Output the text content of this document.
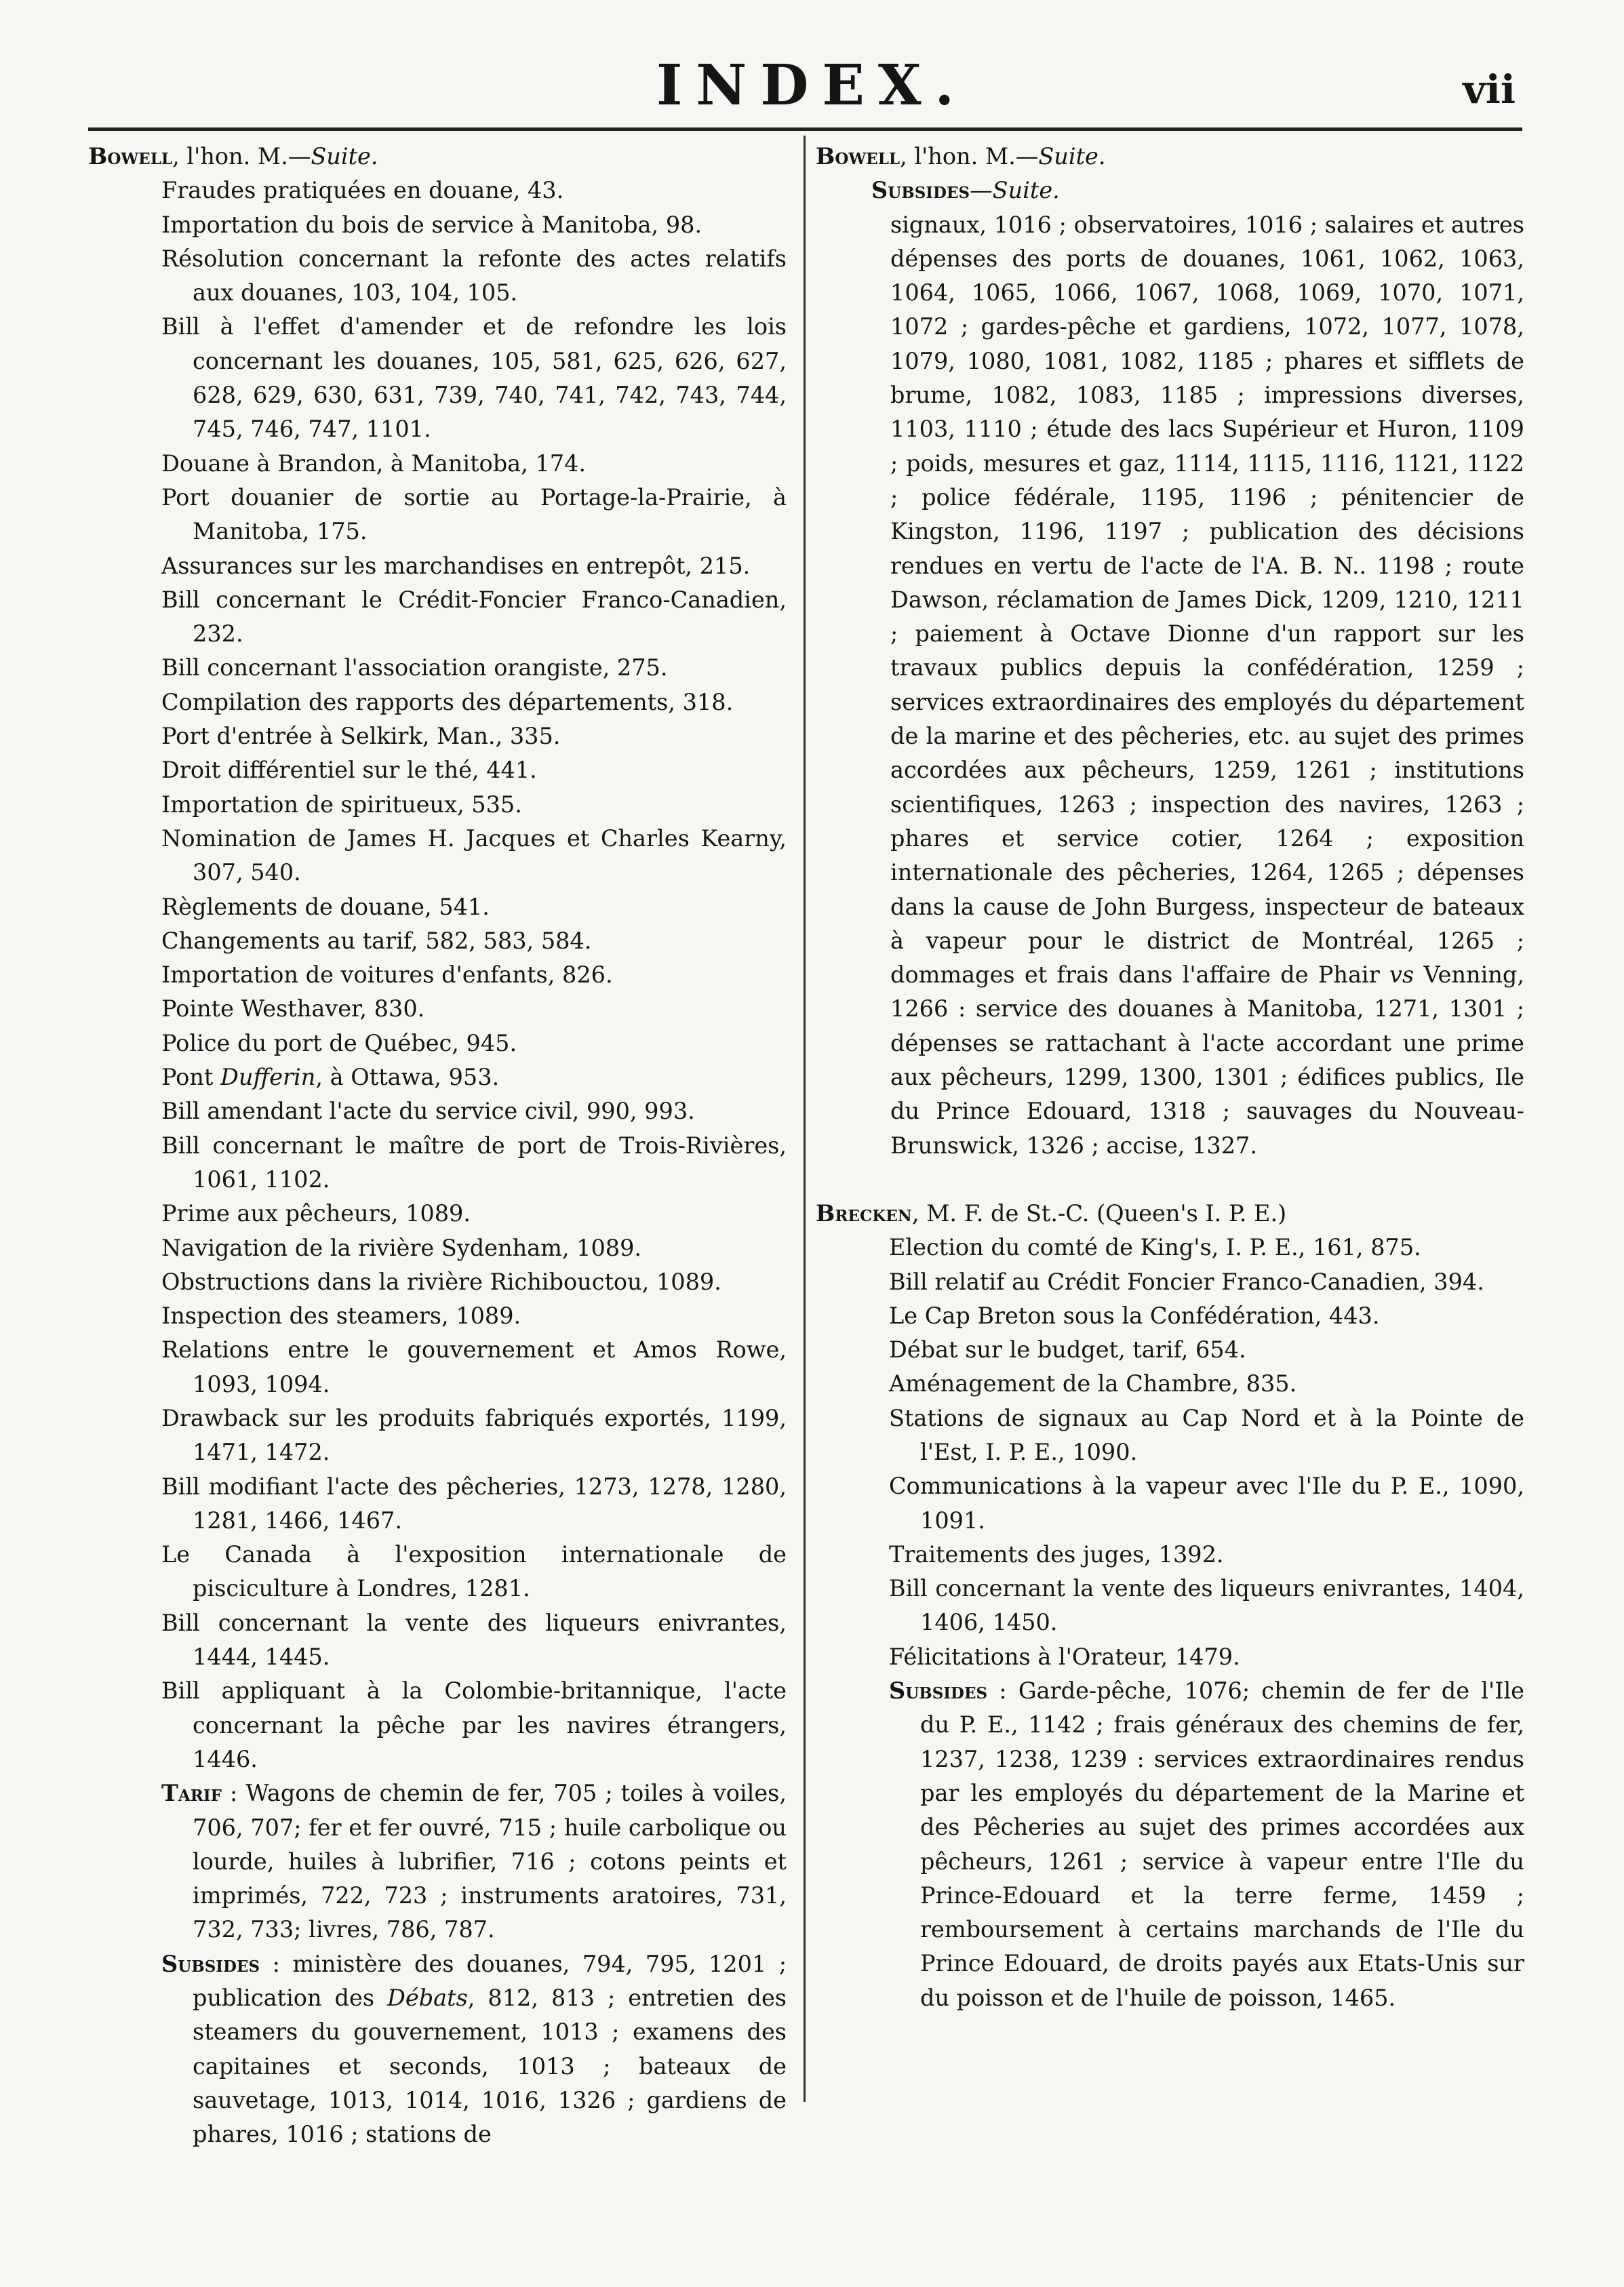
INDEX.	vii
Bowell, l'hon. M.—Suite.
Fraudes pratiquées en douane, 43.
Importation du bois de service à Manitoba, 98.
Résolution concernant la refonte des actes relatifs aux douanes, 103, 104, 105.
Bill à l'effet d'amender et de refondre les lois concernant les douanes, 105, 581, 625, 626, 627, 628, 629, 630, 631, 739, 740, 741, 742, 743, 744, 745, 746, 747, 1101.
Douane à Brandon, à Manitoba, 174.
Port douanier de sortie au Portage-la-Prairie, à Manitoba, 175.
Assurances sur les marchandises en entrepôt, 215.
Bill concernant le Crédit-Foncier Franco-Canadien, 232.
Bill concernant l'association orangiste, 275.
Compilation des rapports des départements, 318.
Port d'entrée à Selkirk, Man., 335.
Droit différentiel sur le thé, 441.
Importation de spiritueux, 535.
Nomination de James H. Jacques et Charles Kearny, 307, 540.
Règlements de douane, 541.
Changements au tarif, 582, 583, 584.
Importation de voitures d'enfants, 826.
Pointe Westhaver, 830.
Police du port de Québec, 945.
Pont Dufferin, à Ottawa, 953.
Bill amendant l'acte du service civil, 990, 993.
Bill concernant le maître de port de Trois-Rivières, 1061, 1102.
Prime aux pêcheurs, 1089.
Navigation de la rivière Sydenham, 1089.
Obstructions dans la rivière Richibouctou, 1089.
Inspection des steamers, 1089.
Relations entre le gouvernement et Amos Rowe, 1093, 1094.
Drawback sur les produits fabriqués exportés, 1199, 1471, 1472.
Bill modifiant l'acte des pêcheries, 1273, 1278, 1280, 1281, 1466, 1467.
Le Canada à l'exposition internationale de pisciculture à Londres, 1281.
Bill concernant la vente des liqueurs enivrantes, 1444, 1445.
Bill appliquant à la Colombie-britannique, l'acte concernant la pêche par les navires étrangers, 1446.
Tarif : Wagons de chemin de fer, 705 ; toiles à voiles, 706, 707; fer et fer ouvré, 715 ; huile carbolique ou lourde, huiles à lubrifier, 716 ; cotons peints et imprimés, 722, 723 ; instruments aratoires, 731, 732, 733; livres, 786, 787.
Subsides : ministère des douanes, 794, 795, 1201 ; publication des Débats, 812, 813 ; entretien des steamers du gouvernement, 1013 ; examens des capitaines et seconds, 1013 ; bateaux de sauvetage, 1013, 1014, 1016, 1326 ; gardiens de phares, 1016 ; stations de
Bowell, l'hon. M.—Suite.
Subsides—Suite.
signaux, 1016 ; observatoires, 1016 ; salaires et autres dépenses des ports de douanes, 1061, 1062, 1063, 1064, 1065, 1066, 1067, 1068, 1069, 1070, 1071, 1072 ; gardes-pêche et gardiens, 1072, 1077, 1078, 1079, 1080, 1081, 1082, 1185 ; phares et sifflets de brume, 1082, 1083, 1185 ; impressions diverses, 1103, 1110 ; étude des lacs Supérieur et Huron, 1109 ; poids, mesures et gaz, 1114, 1115, 1116, 1121, 1122 ; police fédérale, 1195, 1196 ; pénitencier de Kingston, 1196, 1197 ; publication des décisions rendues en vertu de l'acte de l'A. B. N.. 1198 ; route Dawson, réclamation de James Dick, 1209, 1210, 1211 ; paiement à Octave Dionne d'un rapport sur les travaux publics depuis la confédération, 1259 ; services extraordinaires des employés du département de la marine et des pêcheries, etc. au sujet des primes accordées aux pêcheurs, 1259, 1261 ; institutions scientifiques, 1263 ; inspection des navires, 1263 ; phares et service cotier, 1264 ; exposition internationale des pêcheries, 1264, 1265 ; dépenses dans la cause de John Burgess, inspecteur de bateaux à vapeur pour le district de Montréal, 1265 ; dommages et frais dans l'affaire de Phair vs Venning, 1266 : service des douanes à Manitoba, 1271, 1301 ; dépenses se rattachant à l'acte accordant une prime aux pêcheurs, 1299, 1300, 1301 ; édifices publics, Ile du Prince Edouard, 1318 ; sauvages du Nouveau-Brunswick, 1326 ; accise, 1327.
Brecken, M. F. de St.-C. (Queen's I. P. E.)
Election du comté de King's, I. P. E., 161, 875.
Bill relatif au Crédit Foncier Franco-Canadien, 394.
Le Cap Breton sous la Confédération, 443.
Débat sur le budget, tarif, 654.
Aménagement de la Chambre, 835.
Stations de signaux au Cap Nord et à la Pointe de l'Est, I. P. E., 1090.
Communications à la vapeur avec l'Ile du P. E., 1090, 1091.
Traitements des juges, 1392.
Bill concernant la vente des liqueurs enivrantes, 1404, 1406, 1450.
Félicitations à l'Orateur, 1479.
Subsides : Garde-pêche, 1076; chemin de fer de l'Ile du P. E., 1142 ; frais généraux des chemins de fer, 1237, 1238, 1239 : services extraordinaires rendus par les employés du département de la Marine et des Pêcheries au sujet des primes accordées aux pêcheurs, 1261 ; service à vapeur entre l'Ile du Prince-Edouard et la terre ferme, 1459 ; remboursement à certains marchands de l'Ile du Prince Edouard, de droits payés aux Etats-Unis sur du poisson et de l'huile de poisson, 1465.
